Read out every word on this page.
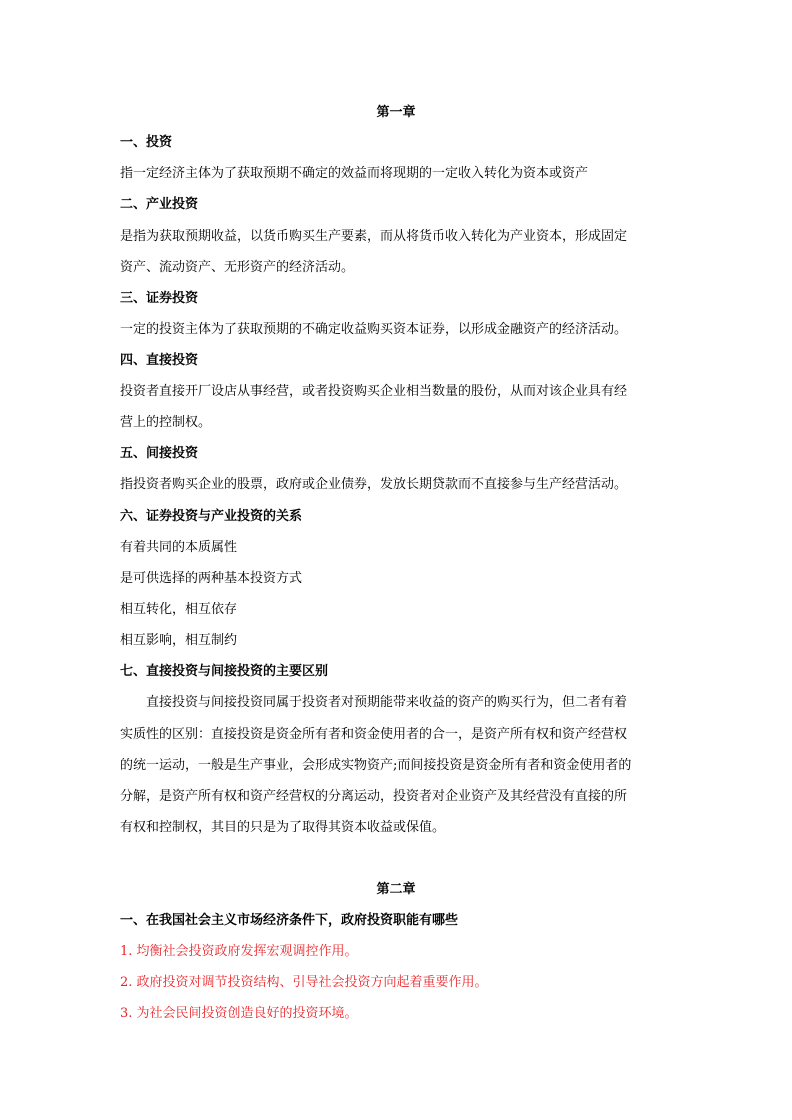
第一章
一、投资
指一定经济主体为了获取预期不确定的效益而将现期的一定收入转化为资本或资产
二、产业投资
是指为获取预期收益，以货币购买生产要素，而从将货币收入转化为产业资本，形成固定
资产、流动资产、无形资产的经济活动。
三、证券投资
一定的投资主体为了获取预期的不确定收益购买资本证券，以形成金融资产的经济活动。
四、直接投资
投资者直接开厂设店从事经营，或者投资购买企业相当数量的股份，从而对该企业具有经
营上的控制权。
五、间接投资
指投资者购买企业的股票，政府或企业债券，发放长期贷款而不直接参与生产经营活动。
六、证券投资与产业投资的关系
有着共同的本质属性
是可供选择的两种基本投资方式
相互转化，相互依存
相互影响，相互制约
七、直接投资与间接投资的主要区别
直接投资与间接投资同属于投资者对预期能带来收益的资产的购买行为，但二者有着
实质性的区别：直接投资是资金所有者和资金使用者的合一，是资产所有权和资产经营权
的统一运动，一般是生产事业，会形成实物资产;而间接投资是资金所有者和资金使用者的
分解，是资产所有权和资产经营权的分离运动，投资者对企业资产及其经营没有直接的所
有权和控制权，其目的只是为了取得其资本收益或保值。
第二章
一、在我国社会主义市场经济条件下，政府投资职能有哪些
1. 均衡社会投资政府发挥宏观调控作用。
2. 政府投资对调节投资结构、引导社会投资方向起着重要作用。
3. 为社会民间投资创造良好的投资环境。
